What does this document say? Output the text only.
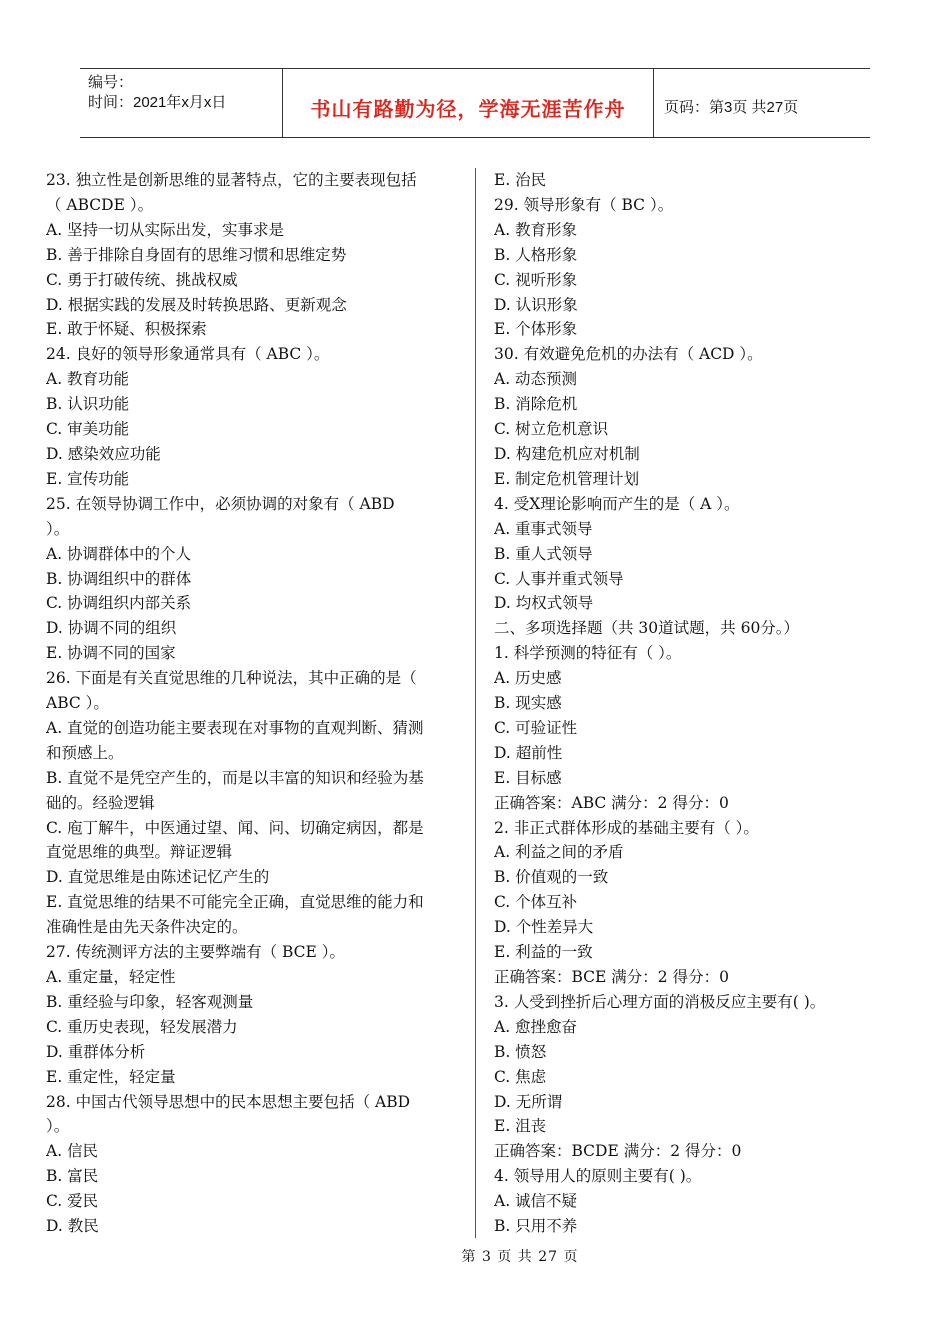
编号：
时间：2021年x月x日	书山有路勤为径，学海无涯苦作舟	页码：第3页 共27页
23. 独立性是创新思维的显著特点，它的主要表现包括
（ ABCDE ）。
A. 坚持一切从实际出发，实事求是
B. 善于排除自身固有的思维习惯和思维定势
C. 勇于打破传统、挑战权威
D. 根据实践的发展及时转换思路、更新观念
E. 敢于怀疑、积极探索
24. 良好的领导形象通常具有（ ABC ）。
A. 教育功能
B. 认识功能
C. 审美功能
D. 感染效应功能
E. 宣传功能
25. 在领导协调工作中，必须协调的对象有（ ABD
）。
A. 协调群体中的个人
B. 协调组织中的群体
C. 协调组织内部关系
D. 协调不同的组织
E. 协调不同的国家
26. 下面是有关直觉思维的几种说法，其中正确的是（
ABC ）。
A. 直觉的创造功能主要表现在对事物的直观判断、猜测
和预感上。
B. 直觉不是凭空产生的，而是以丰富的知识和经验为基
础的。经验逻辑
C. 庖丁解牛，中医通过望、闻、问、切确定病因，都是
直觉思维的典型。辩证逻辑
D. 直觉思维是由陈述记忆产生的
E. 直觉思维的结果不可能完全正确，直觉思维的能力和
准确性是由先天条件决定的。
27. 传统测评方法的主要弊端有（ BCE ）。
A. 重定量，轻定性
B. 重经验与印象，轻客观测量
C. 重历史表现，轻发展潜力
D. 重群体分析
E. 重定性，轻定量
28. 中国古代领导思想中的民本思想主要包括（ ABD
）。
A. 信民
B. 富民
C. 爱民
D. 教民
E. 治民
29. 领导形象有（ BC ）。
A. 教育形象
B. 人格形象
C. 视听形象
D. 认识形象
E. 个体形象
30. 有效避免危机的办法有（ ACD ）。
A. 动态预测
B. 消除危机
C. 树立危机意识
D. 构建危机应对机制
E. 制定危机管理计划
4. 受X理论影响而产生的是（ A ）。
A. 重事式领导
B. 重人式领导
C. 人事并重式领导
D. 均权式领导
二、多项选择题（共 30道试题，共 60分。）
1. 科学预测的特征有（ ）。
A. 历史感
B. 现实感
C. 可验证性
D. 超前性
E. 目标感
正确答案：ABC 满分：2 得分：0
2. 非正式群体形成的基础主要有（ ）。
A. 利益之间的矛盾
B. 价值观的一致
C. 个体互补
D. 个性差异大
E. 利益的一致
正确答案：BCE 满分：2 得分：0
3. 人受到挫折后心理方面的消极反应主要有( )。
A. 愈挫愈奋
B. 愤怒
C. 焦虑
D. 无所谓
E. 沮丧
正确答案：BCDE 满分：2 得分：0
4. 领导用人的原则主要有( )。
A. 诚信不疑
B. 只用不养
第 3 页 共 27 页
